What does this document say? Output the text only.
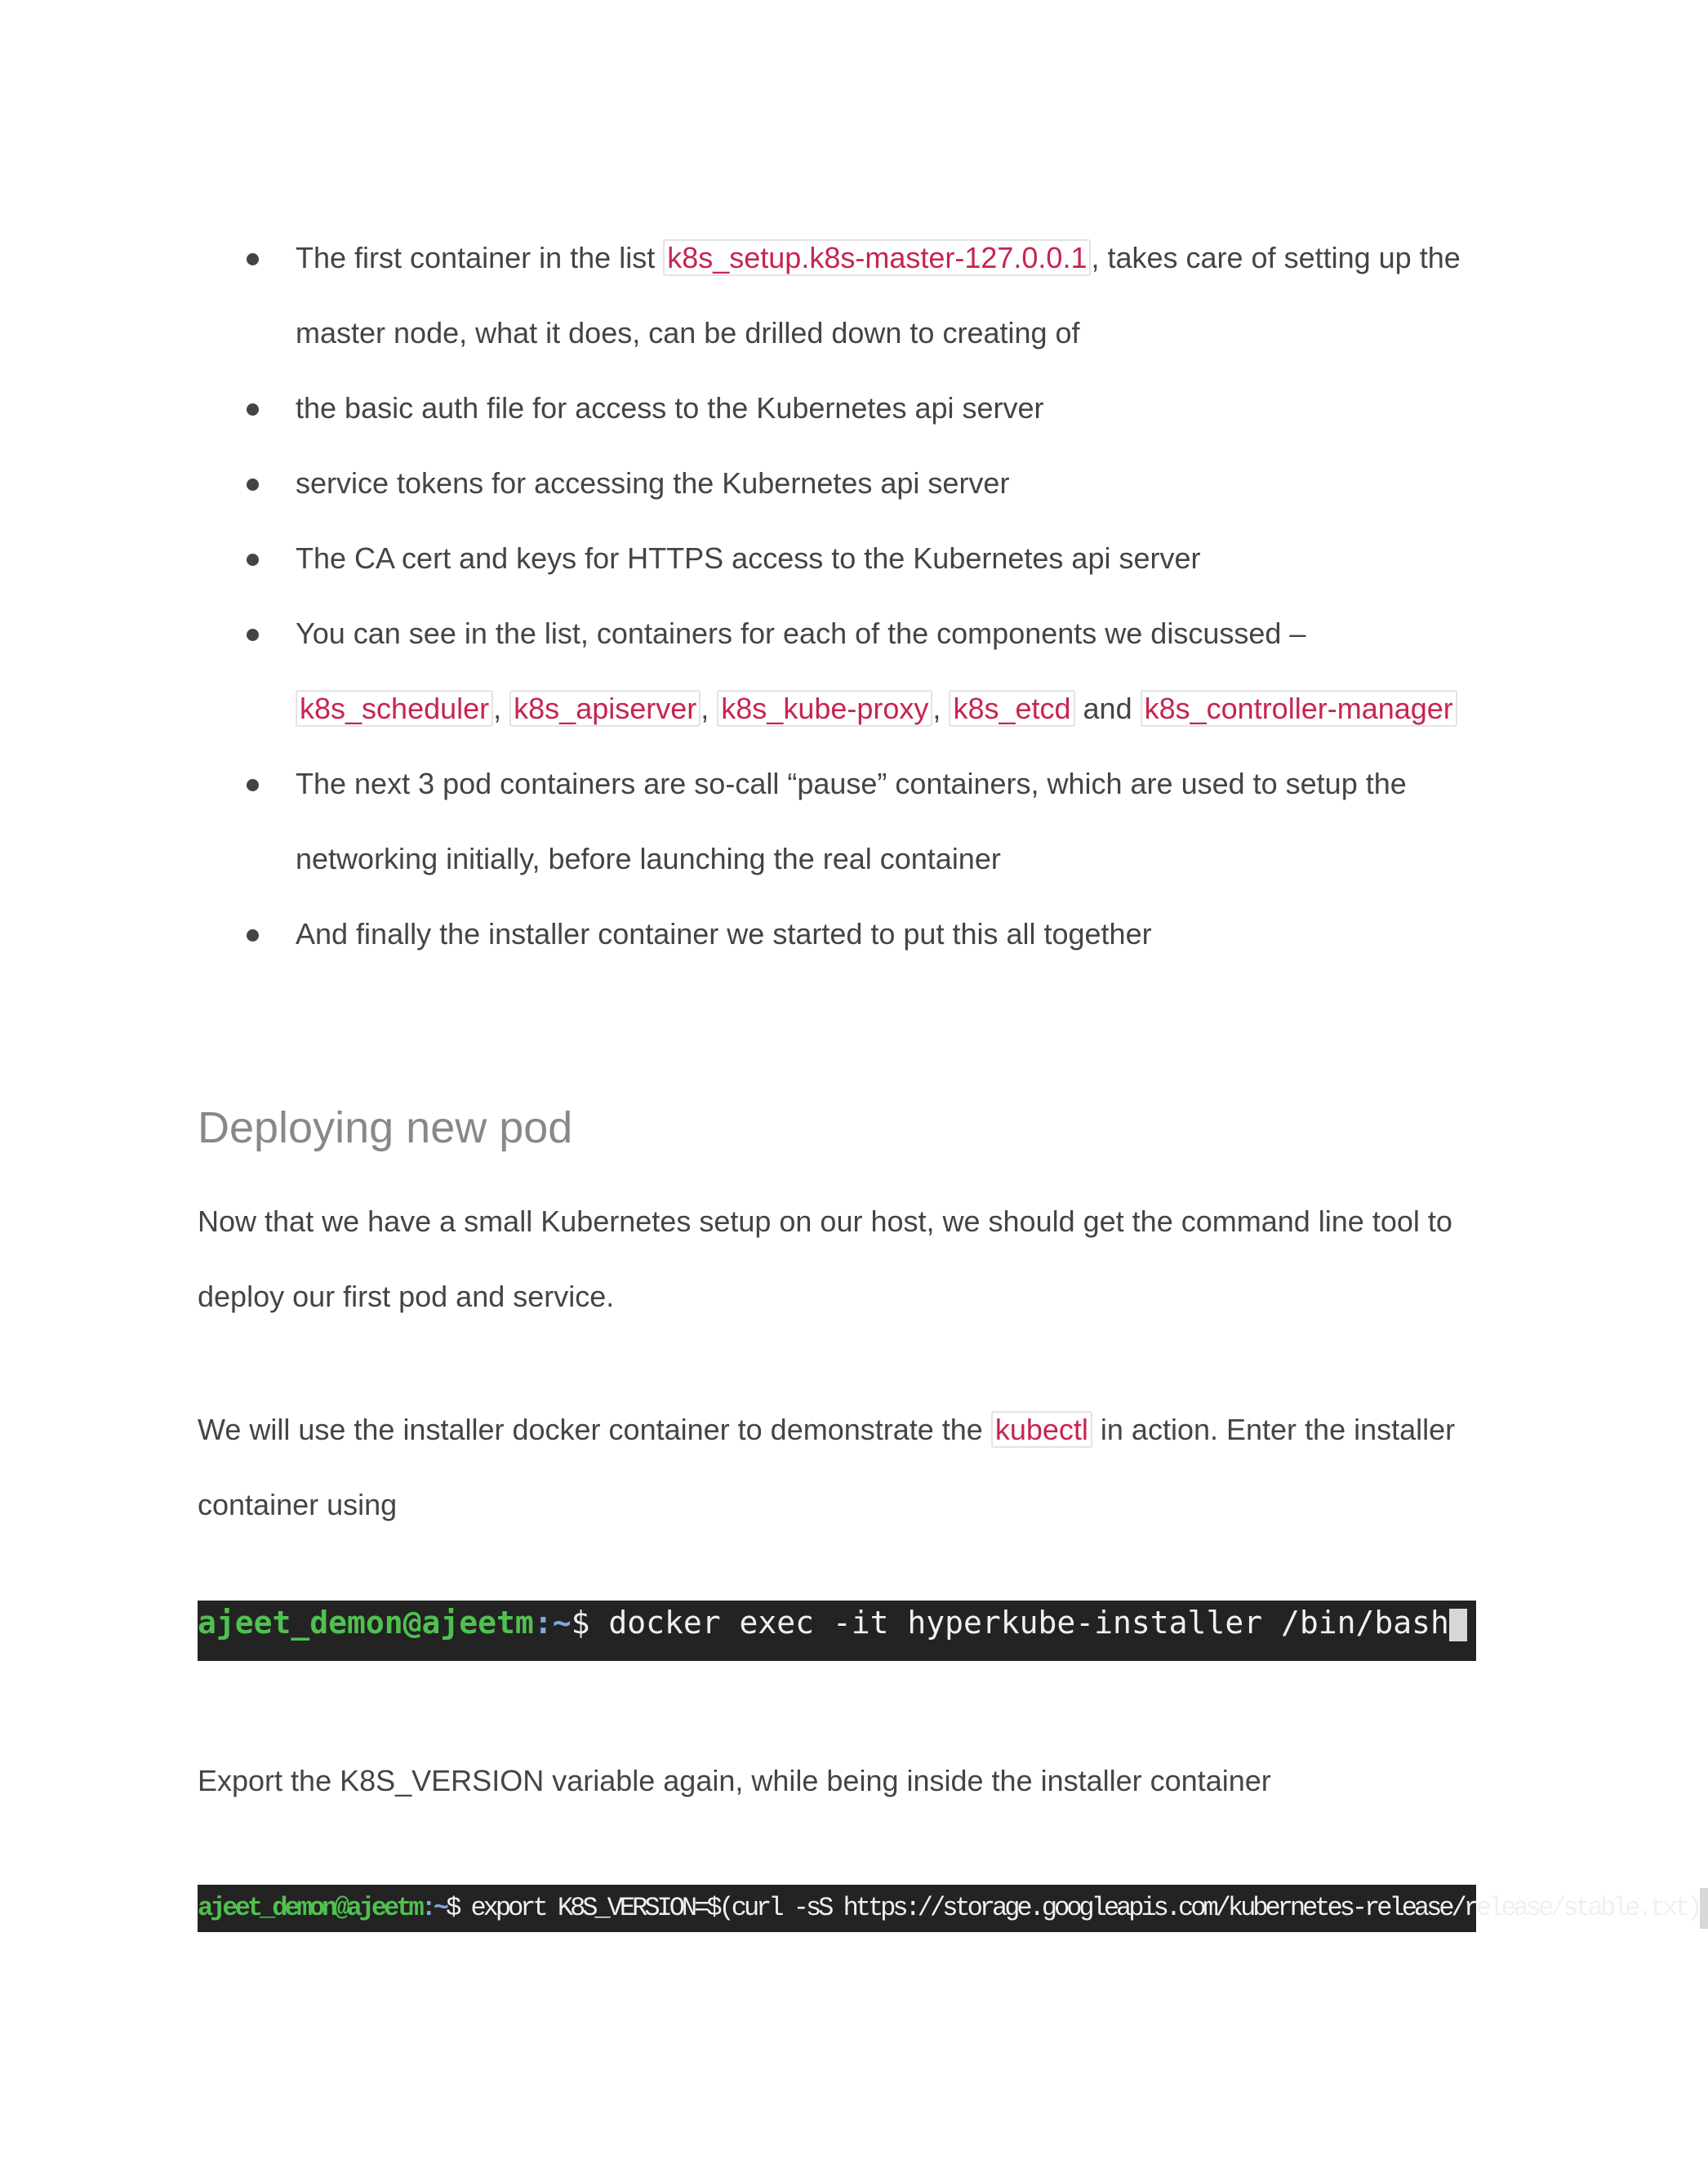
The first container in the list k8s_setup.k8s-master-127.0.0.1 , takes care of setting up the master node, what it does, can be drilled down to creating of
the basic auth file for access to the Kubernetes api server
service tokens for accessing the Kubernetes api server
The CA cert and keys for HTTPS access to the Kubernetes api server
You can see in the list, containers for each of the components we discussed – k8s_scheduler , k8s_apiserver , k8s_kube-proxy , k8s_etcd and k8s_controller-manager
The next 3 pod containers are so-call “pause” containers, which are used to setup the networking initially, before launching the real container
And finally the installer container we started to put this all together
Deploying new pod

Now that we have a small Kubernetes setup on our host, we should get the command line tool to deploy our first pod and service.

We will use the installer docker container to demonstrate the kubectl in action. Enter the installer container using

ajeet_demon@ajeetm:~$ docker exec -it hyperkube-installer /bin/bash

Export the K8S_VERSION variable again, while being inside the installer container

ajeet_demon@ajeetm:~$ export K8S_VERSION=$(curl -sS https://storage.googleapis.com/kubernetes-release/release/stable.txt)
